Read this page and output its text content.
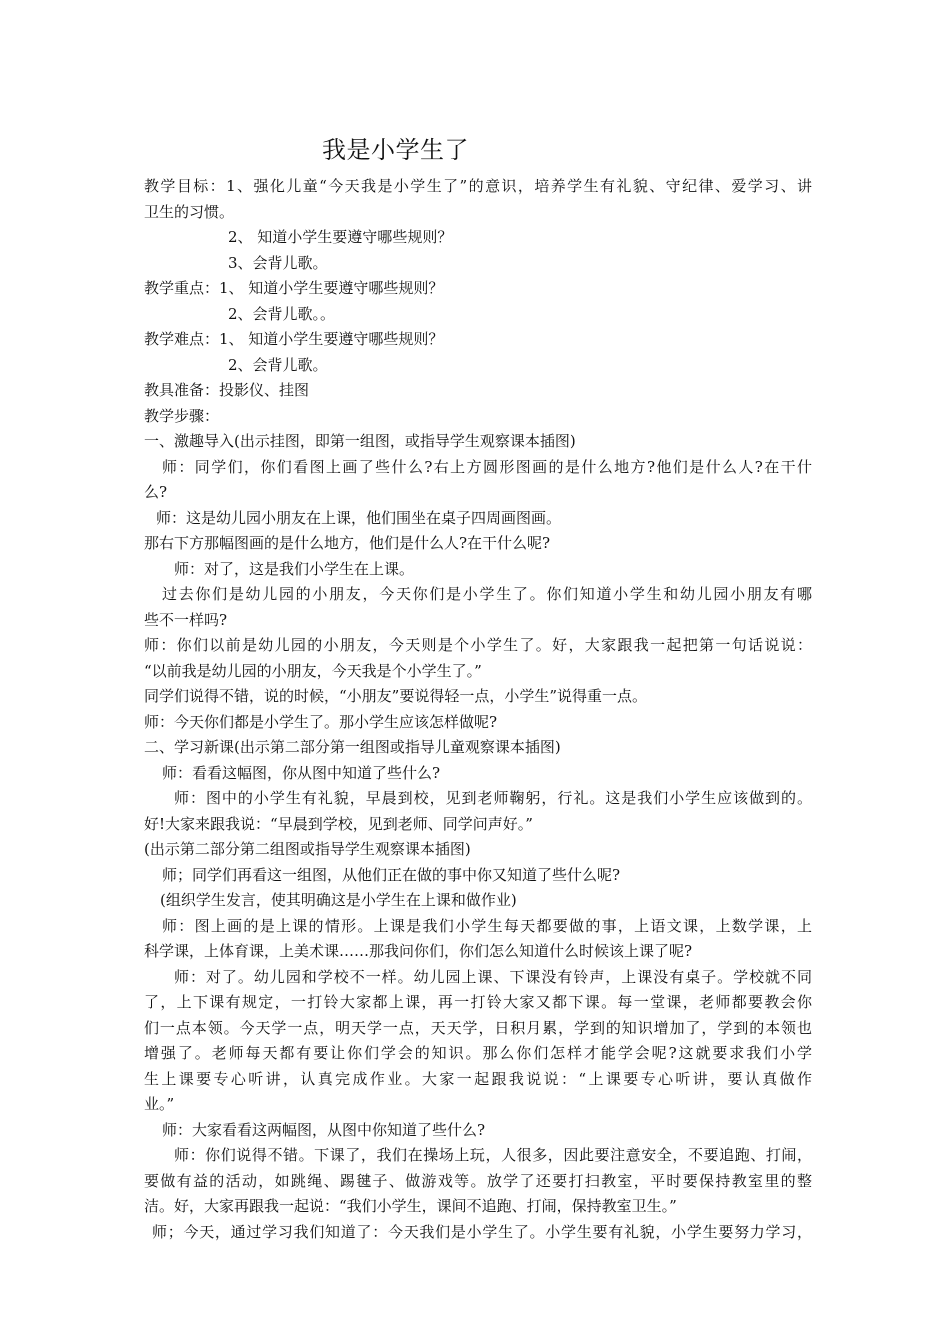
我是小学生了
教学目标：1、强化儿童“今天我是小学生了”的意识，培养学生有礼貌、守纪律、爱学习、讲
卫生的习惯。
2、 知道小学生要遵守哪些规则？
3、会背儿歌。
教学重点：1、 知道小学生要遵守哪些规则？
2、会背儿歌。。
教学难点：1、 知道小学生要遵守哪些规则？
2、会背儿歌。
教具准备：投影仪、挂图
教学步骤：
一、激趣导入(出示挂图，即第一组图，或指导学生观察课本插图)
师：同学们，你们看图上画了些什么?右上方圆形图画的是什么地方?他们是什么人?在干什
么?
师：这是幼儿园小朋友在上课，他们围坐在桌子四周画图画。
那右下方那幅图画的是什么地方，他们是什么人?在干什么呢?
师：对了，这是我们小学生在上课。
过去你们是幼儿园的小朋友，今天你们是小学生了。你们知道小学生和幼儿园小朋友有哪
些不一样吗?
师：你们以前是幼儿园的小朋友，今天则是个小学生了。好，大家跟我一起把第一句话说说：
“以前我是幼儿园的小朋友，今天我是个小学生了。”
同学们说得不错，说的时候，“小朋友”要说得轻一点，小学生”说得重一点。
师：今天你们都是小学生了。那小学生应该怎样做呢?
二、学习新课(出示第二部分第一组图或指导儿童观察课本插图)
师：看看这幅图，你从图中知道了些什么?
师：图中的小学生有礼貌，早晨到校，见到老师鞠躬，行礼。这是我们小学生应该做到的。
好!大家来跟我说：“早晨到学校，见到老师、同学问声好。”
(出示第二部分第二组图或指导学生观察课本插图)
师；同学们再看这一组图，从他们正在做的事中你又知道了些什么呢?
(组织学生发言，使其明确这是小学生在上课和做作业)
师：图上画的是上课的情形。上课是我们小学生每天都要做的事，上语文课，上数学课，上
科学课，上体育课，上美术课……那我问你们，你们怎么知道什么时候该上课了呢?
师：对了。幼儿园和学校不一样。幼儿园上课、下课没有铃声，上课没有桌子。学校就不同
了，上下课有规定，一打铃大家都上课，再一打铃大家又都下课。每一堂课，老师都要教会你
们一点本领。今天学一点，明天学一点，天天学，日积月累，学到的知识增加了，学到的本领也
增强了。老师每天都有要让你们学会的知识。那么你们怎样才能学会呢?这就要求我们小学
生上课要专心听讲，认真完成作业。大家一起跟我说说：“上课要专心听讲，要认真做作
业。”
师：大家看看这两幅图，从图中你知道了些什么?
师：你们说得不错。下课了，我们在操场上玩，人很多，因此要注意安全，不要追跑、打闹，
要做有益的活动，如跳绳、踢毽子、做游戏等。放学了还要打扫教室，平时要保持教室里的整
洁。好，大家再跟我一起说：“我们小学生，课间不追跑、打闹，保持教室卫生。”
师；今天，通过学习我们知道了：今天我们是小学生了。小学生要有礼貌，小学生要努力学习，
